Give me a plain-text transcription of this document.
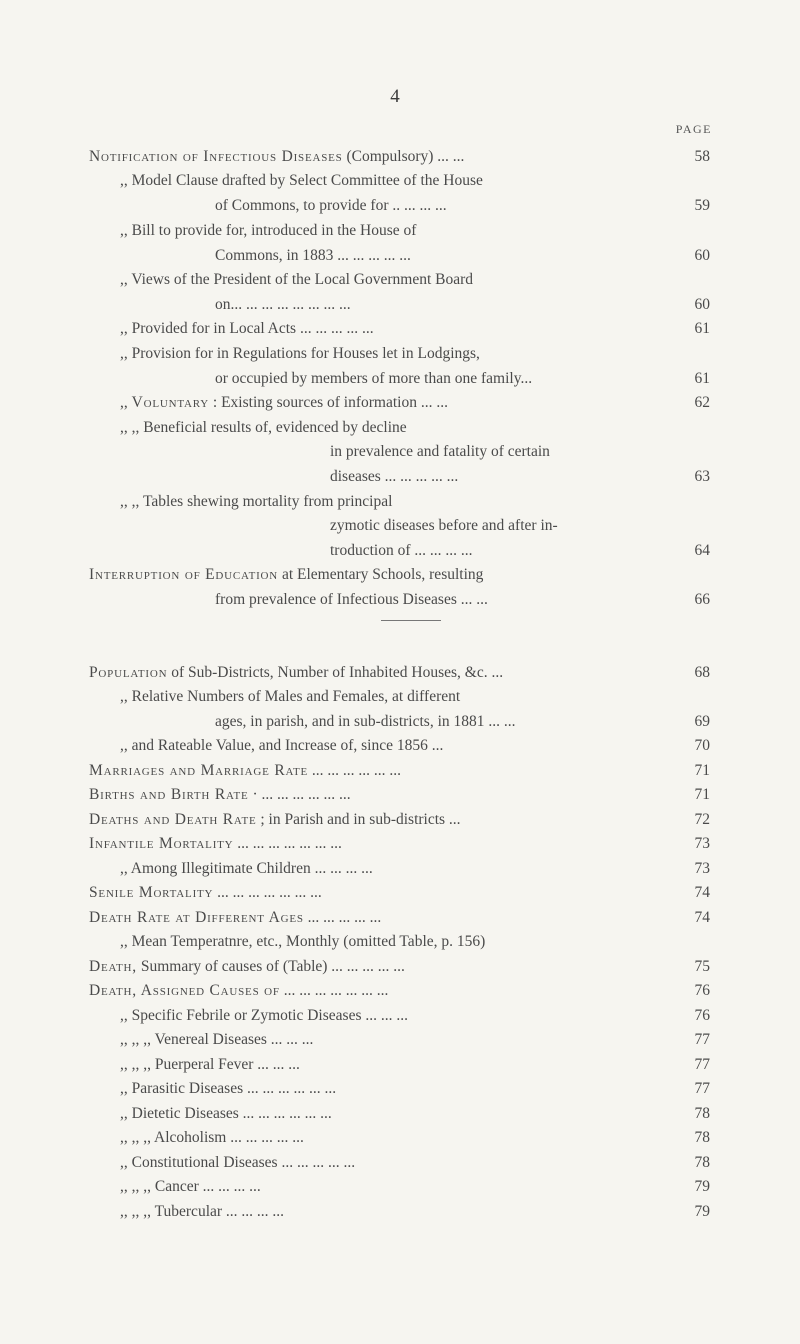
4
PAGE
Notification of Infectious Diseases (Compulsory) ... ...	58
,, Model Clause drafted by Select Committee of the House
of Commons, to provide for .. ... ... ...	59
,, Bill to provide for, introduced in the House of
Commons, in 1883 ... ... ... ... ...	60
,, Views of the President of the Local Government Board
on... ... ... ... ... ... ... ...	60
,, Provided for in Local Acts ... ... ... ... ...	61
,, Provision for in Regulations for Houses let in Lodgings,
or occupied by members of more than one family...	61
,, Voluntary : Existing sources of information ... ...	62
,, ,, Beneficial results of, evidenced by decline
in prevalence and fatality of certain
diseases ... ... ... ... ...	63
,, ,, Tables shewing mortality from principal
zymotic diseases before and after in-
troduction of ... ... ... ...	64
Interruption of Education at Elementary Schools, resulting
from prevalence of Infectious Diseases ... ...	66
Population of Sub-Districts, Number of Inhabited Houses, &c. ...	68
,, Relative Numbers of Males and Females, at different
ages, in parish, and in sub-districts, in 1881 ... ...	69
,, and Rateable Value, and Increase of, since 1856 ...	70
Marriages and Marriage Rate ... ... ... ... ... ...	71
Births and Birth Rate · ... ... ... ... ... ...	71
Deaths and Death Rate ; in Parish and in sub-districts ...	72
Infantile Mortality ... ... ... ... ... ... ...	73
,, Among Illegitimate Children ... ... ... ...	73
Senile Mortality ... ... ... ... ... ... ...	74
Death Rate at Different Ages ... ... ... ... ...	74
,, Mean Temperatnre, etc., Monthly (omitted Table, p. 156)
Death, Summary of causes of (Table) ... ... ... ... ...	75
Death, Assigned Causes of ... ... ... ... ... ... ...	76
,, Specific Febrile or Zymotic Diseases ... ... ...	76
,, ,, ,, Venereal Diseases ... ... ...	77
,, ,, ,, Puerperal Fever ... ... ...	77
,, Parasitic Diseases ... ... ... ... ... ...	77
,, Dietetic Diseases ... ... ... ... ... ...	78
,, ,, ,, Alcoholism ... ... ... ... ...	78
,, Constitutional Diseases ... ... ... ... ...	78
,, ,, ,, Cancer ... ... ... ...	79
,, ,, ,, Tubercular ... ... ... ...	79
